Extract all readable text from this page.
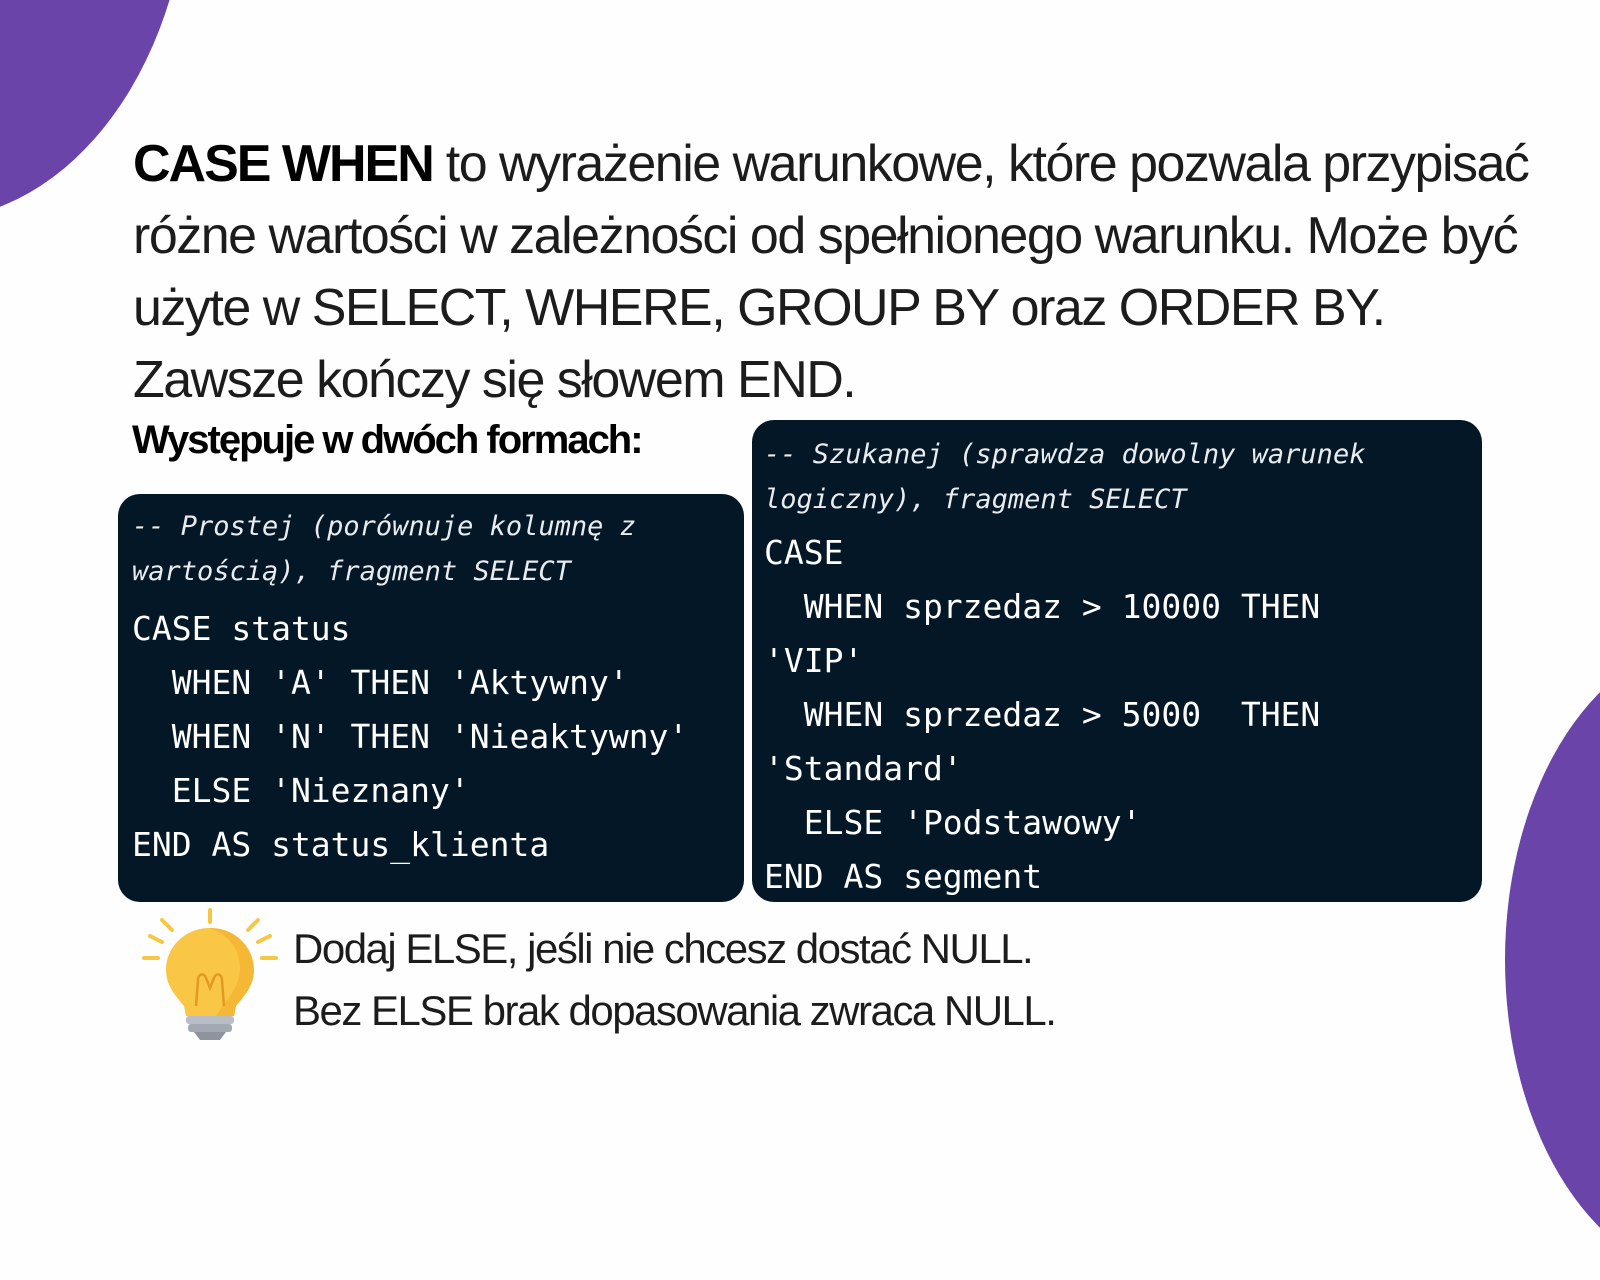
CASE WHEN to wyrażenie warunkowe, które pozwala przypisać różne wartości w zależności od spełnionego warunku. Może być użyte w SELECT, WHERE, GROUP BY oraz ORDER BY. Zawsze kończy się słowem END.
Występuje w dwóch formach:
-- Prostej (porównuje kolumnę z
wartością), fragment SELECT
CASE status
WHEN 'A' THEN 'Aktywny'
WHEN 'N' THEN 'Nieaktywny'
ELSE 'Nieznany'
END AS status_klienta
-- Szukanej (sprawdza dowolny warunek
logiczny), fragment SELECT
CASE
WHEN sprzedaz > 10000 THEN
'VIP'
WHEN sprzedaz > 5000  THEN
'Standard'
ELSE 'Podstawowy'
END AS segment
Dodaj ELSE, jeśli nie chcesz dostać NULL.
Bez ELSE brak dopasowania zwraca NULL.
